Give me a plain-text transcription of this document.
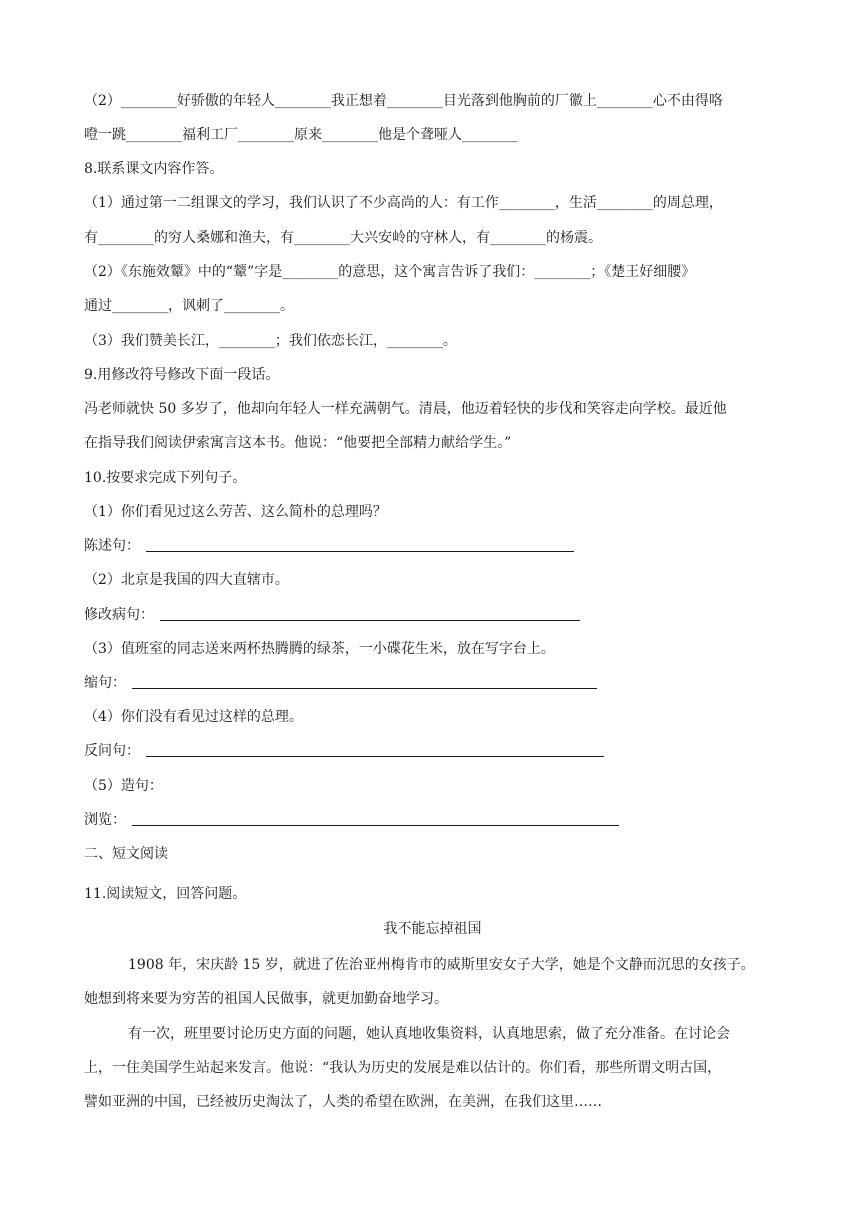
（2）________好骄傲的年轻人________我正想着________目光落到他胸前的厂徽上________心不由得咯
噔一跳________福利工厂________原来________他是个聋哑人________
8.联系课文内容作答。
（1）通过第一二组课文的学习，我们认识了不少高尚的人：有工作________，生活________的周总理，
有________的穷人桑娜和渔夫，有________大兴安岭的守林人，有________的杨震。
（2）《东施效颦》中的“颦”字是________的意思，这个寓言告诉了我们：________；《楚王好细腰》
通过________，讽刺了________。
（3）我们赞美长江，________；我们依恋长江，________。
9.用修改符号修改下面一段话。
冯老师就快 50 多岁了，他却向年轻人一样充满朝气。清晨，他迈着轻快的步伐和笑容走向学校。最近他
在指导我们阅读伊索寓言这本书。他说：“他要把全部精力献给学生。”
10.按要求完成下列句子。
（1）你们看见过这么劳苦、这么简朴的总理吗？
陈述句：
（2）北京是我国的四大直辖市。
修改病句：
（3）值班室的同志送来两杯热腾腾的绿茶，一小碟花生米，放在写字台上。
缩句：
（4）你们没有看见过这样的总理。
反问句：
（5）造句：
浏览：
二、短文阅读
11.阅读短文，回答问题。
我不能忘掉祖国
1908 年，宋庆龄 15 岁，就进了佐治亚州梅肯市的威斯里安女子大学，她是个文静而沉思的女孩子。
她想到将来要为穷苦的祖国人民做事，就更加勤奋地学习。
有一次，班里要讨论历史方面的问题，她认真地收集资料，认真地思索，做了充分准备。在讨论会
上，一住美国学生站起来发言。他说：“我认为历史的发展是难以估计的。你们看，那些所谓文明古国，
譬如亚洲的中国，已经被历史淘汰了，人类的希望在欧洲，在美洲，在我们这里……
